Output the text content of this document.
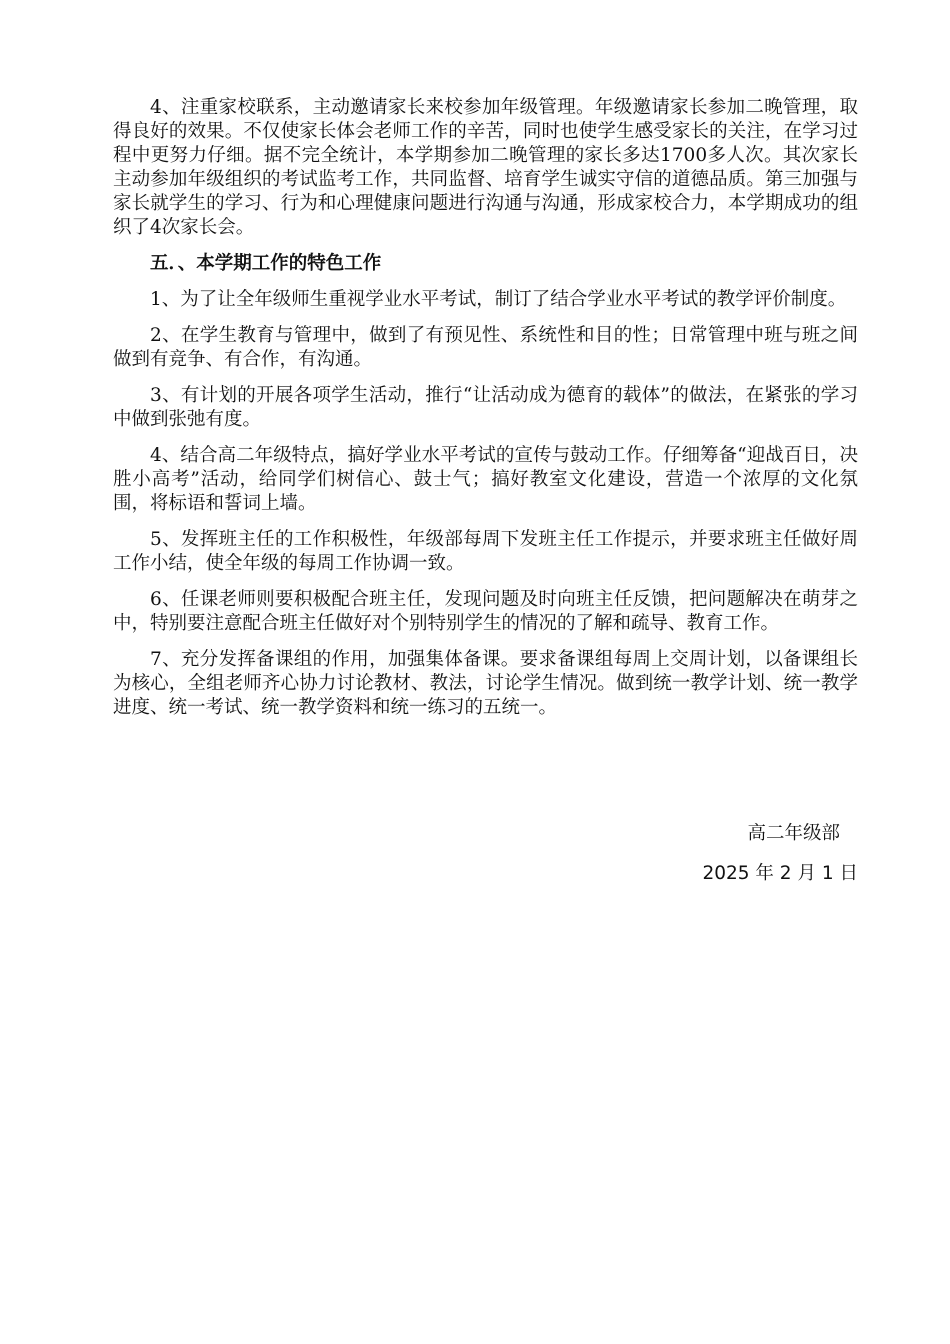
4、注重家校联系，主动邀请家长来校参加年级管理。年级邀请家长参加二晚管理，取得良好的效果。不仅使家长体会老师工作的辛苦，同时也使学生感受家长的关注，在学习过程中更努力仔细。据不完全统计，本学期参加二晚管理的家长多达1700多人次。其次家长主动参加年级组织的考试监考工作，共同监督、培育学生诚实守信的道德品质。第三加强与家长就学生的学习、行为和心理健康问题进行沟通与沟通，形成家校合力，本学期成功的组织了4次家长会。

五．、本学期工作的特色工作

1、为了让全年级师生重视学业水平考试，制订了结合学业水平考试的教学评价制度。

2、在学生教育与管理中，做到了有预见性、系统性和目的性；日常管理中班与班之间做到有竞争、有合作，有沟通。

3、有计划的开展各项学生活动，推行“让活动成为德育的载体”的做法，在紧张的学习中做到张弛有度。

4、结合高二年级特点，搞好学业水平考试的宣传与鼓动工作。仔细筹备“迎战百日，决胜小高考”活动，给同学们树信心、鼓士气；搞好教室文化建设，营造一个浓厚的文化氛围，将标语和誓词上墙。

5、发挥班主任的工作积极性，年级部每周下发班主任工作提示，并要求班主任做好周工作小结，使全年级的每周工作协调一致。

6、任课老师则要积极配合班主任，发现问题及时向班主任反馈，把问题解决在萌芽之中，特别要注意配合班主任做好对个别特别学生的情况的了解和疏导、教育工作。

7、充分发挥备课组的作用，加强集体备课。要求备课组每周上交周计划，以备课组长为核心，全组老师齐心协力讨论教材、教法，讨论学生情况。做到统一教学计划、统一教学进度、统一考试、统一教学资料和统一练习的五统一。

高二年级部
2025 年 2 月 1 日
